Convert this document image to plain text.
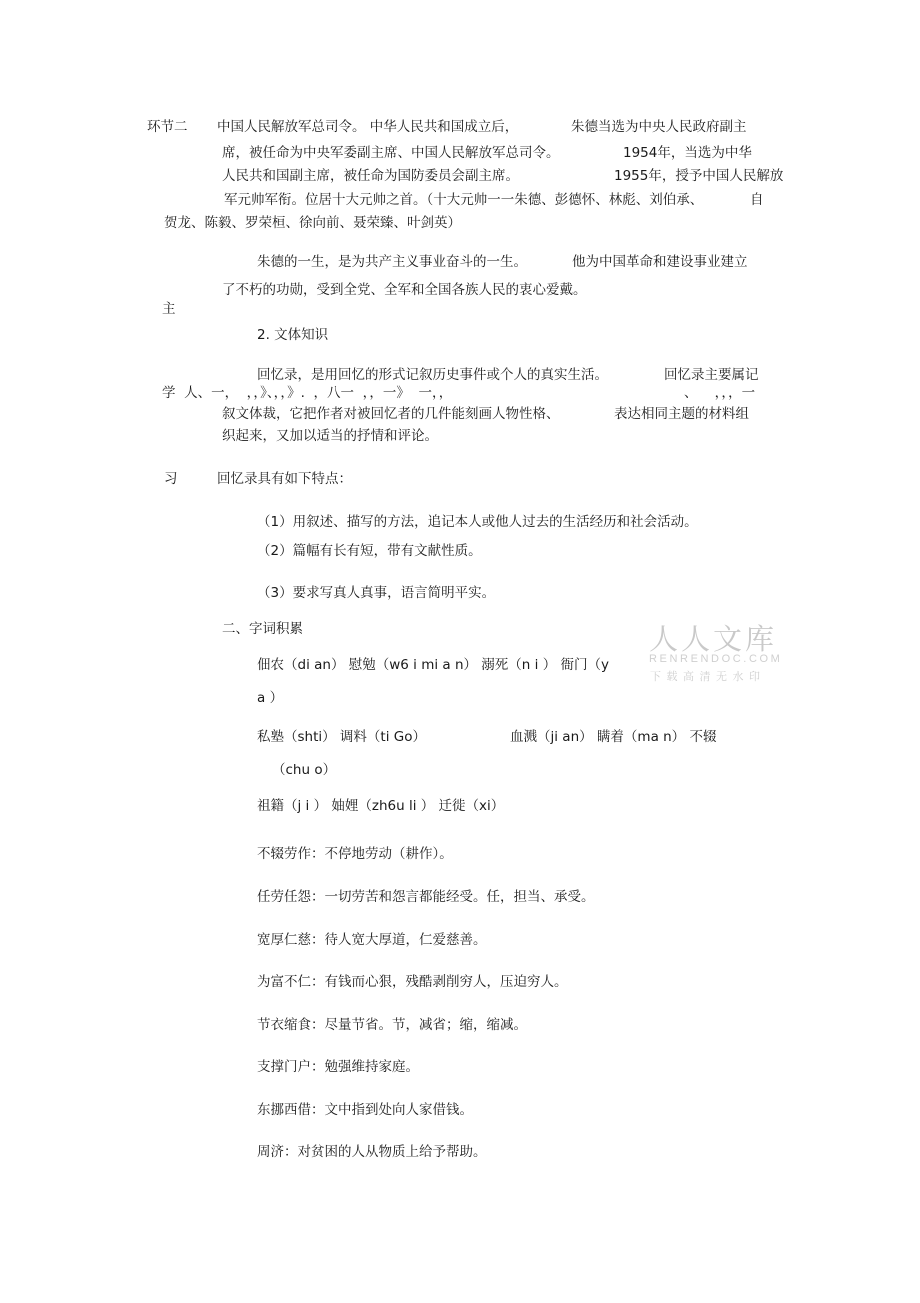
环节二 中国人民解放军总司令。 中华人民共和国成立后，	朱德当选为中央人民政府副主
席，被任命为中央军委副主席、中国人民解放军总司令。	1954年，当选为中华
人民共和国副主席，被任命为国防委员会副主席。	1955年，授予中国人民解放
军元帅军衔。位居十大元帅之首。（十大元帅一一朱德、彭德怀、林彪、刘伯承、	自
贺龙、陈毅、罗荣桓、徐向前、聂荣臻、叶剑英）
朱德的一生，是为共产主义事业奋斗的一生。	他为中国革命和建设事业建立
了不朽的功勋，受到全党、全军和全国各族人民的衷心爱戴。
主
2. 文体知识
回忆录，是用回忆的形式记叙历史事件或个人的真实生活。	回忆录主要属记
学  人、一，  ，，》、，，》.  ，八一  ，，一》  一，，	、    ，，，一
叙文体裁，它把作者对被回忆者的几件能刻画人物性格、	表达相同主题的材料组
织起来，又加以适当的抒情和评论。
习	回忆录具有如下特点：
（1）用叙述、描写的方法，追记本人或他人过去的生活经历和社会活动。
（2）篇幅有长有短，带有文献性质。
（3）要求写真人真事，语言简明平实。
二、字词积累
佃农（di an） 慰勉（w6 i mi a n） 溺死（n i ） 衙门（y
a ）
私塾（shti） 调料（ti Go）	血溅（ji an） 瞒着（ma n） 不辍
（chu o）
祖籍（j i ） 妯娌（zh6u li ） 迁徙（xi）
不辍劳作：不停地劳动（耕作）。
任劳任怨：一切劳苦和怨言都能经受。任，担当、承受。
宽厚仁慈：待人宽大厚道，仁爱慈善。
为富不仁：有钱而心狠，残酷剥削穷人，压迫穷人。
节衣缩食：尽量节省。节，减省；缩，缩减。
支撑门户：勉强维持家庭。
东挪西借：文中指到处向人家借钱。
周济：对贫困的人从物质上给予帮助。
人人文库
RENRENDOC.COM
下载高清无水印
